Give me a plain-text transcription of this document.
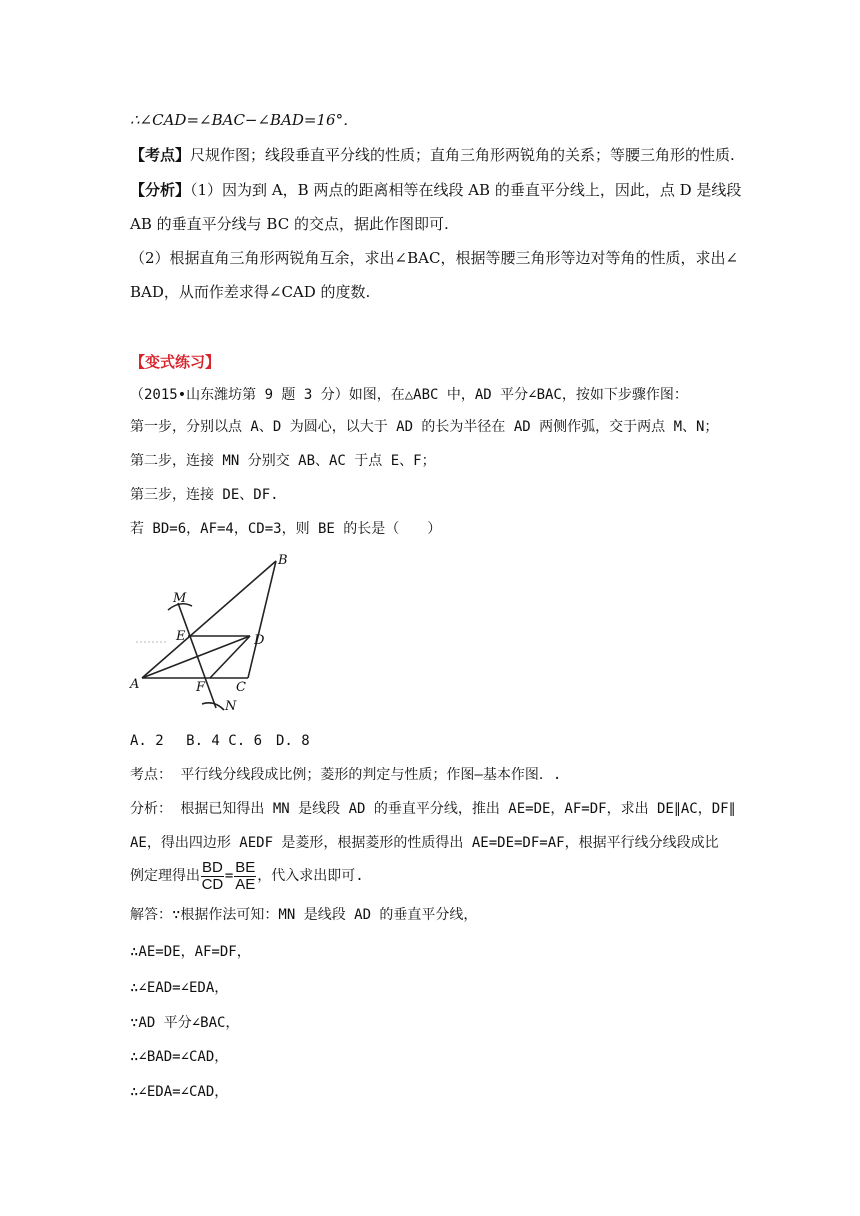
∴∠CAD=∠BAC−∠BAD=16°．
【考点】尺规作图；线段垂直平分线的性质；直角三角形两锐角的关系；等腰三角形的性质.
【分析】（1）因为到 A，B 两点的距离相等在线段 AB 的垂直平分线上，因此，点 D 是线段
AB 的垂直平分线与 BC 的交点，据此作图即可.
（2）根据直角三角形两锐角互余，求出∠BAC，根据等腰三角形等边对等角的性质，求出∠
BAD，从而作差求得∠CAD 的度数.
【变式练习】
（2015•山东潍坊第 9 题 3 分）如图，在△ABC 中，AD 平分∠BAC，按如下步骤作图：
第一步，分别以点 A、D 为圆心，以大于 AD 的长为半径在 AD 两侧作弧，交于两点 M、N；
第二步，连接 MN 分别交 AB、AC 于点 E、F；
第三步，连接 DE、DF.
若 BD=6，AF=4，CD=3，则 BE 的长是（　　）
B
M
E	D
A	F C
N
A. 2　 B. 4 C. 6　D. 8
考点： 平行线分线段成比例；菱形的判定与性质；作图—基本作图．.
分析： 根据已知得出 MN 是线段 AD 的垂直平分线，推出 AE=DE，AF=DF，求出 DE∥AC，DF∥
AE，得出四边形 AEDF 是菱形，根据菱形的性质得出 AE=DE=DF=AF，根据平行线分线段成比
例定理得出 $\frac{BD}{CD} = \frac{BE}{AE}$ ，代入求出即可.
解答：∵根据作法可知：MN 是线段 AD 的垂直平分线，
∴AE=DE，AF=DF，
∴∠EAD=∠EDA，
∵AD 平分∠BAC，
∴∠BAD=∠CAD，
∴∠EDA=∠CAD，
